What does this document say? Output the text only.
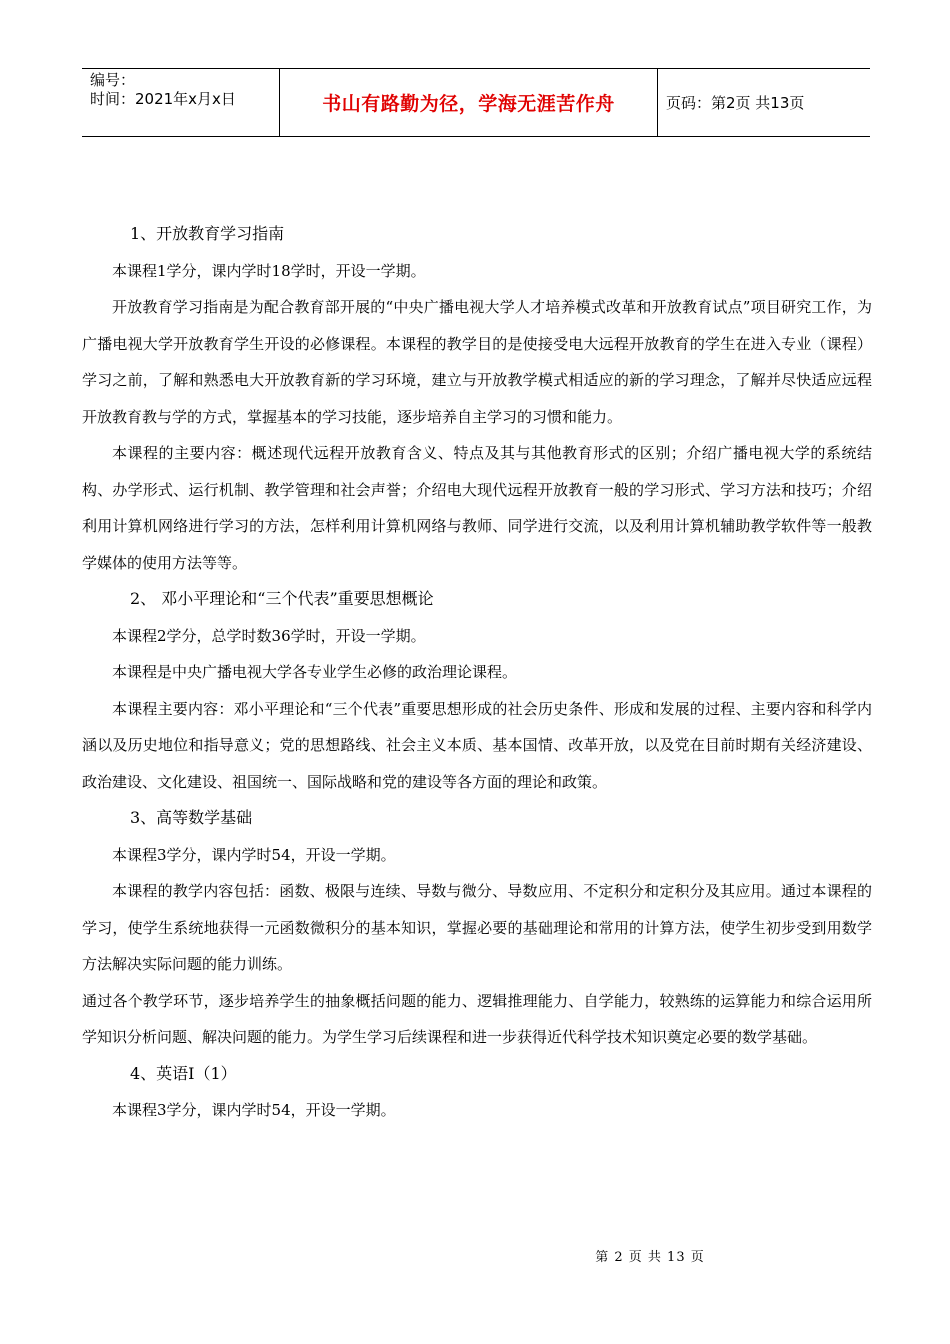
编号：
时间：2021年x月x日	书山有路勤为径，学海无涯苦作舟	页码：第2页 共13页

1、开放教育学习指南

本课程1学分，课内学时18学时，开设一学期。

开放教育学习指南是为配合教育部开展的“中央广播电视大学人才培养模式改革和开放教育试点”项目研究工作，为广播电视大学开放教育学生开设的必修课程。本课程的教学目的是使接受电大远程开放教育的学生在进入专业（课程）学习之前，了解和熟悉电大开放教育新的学习环境，建立与开放教学模式相适应的新的学习理念，了解并尽快适应远程开放教育教与学的方式，掌握基本的学习技能，逐步培养自主学习的习惯和能力。

本课程的主要内容：概述现代远程开放教育含义、特点及其与其他教育形式的区别；介绍广播电视大学的系统结构、办学形式、运行机制、教学管理和社会声誉；介绍电大现代远程开放教育一般的学习形式、学习方法和技巧；介绍利用计算机网络进行学习的方法，怎样利用计算机网络与教师、同学进行交流，以及利用计算机辅助教学软件等一般教学媒体的使用方法等等。

2、 邓小平理论和“三个代表”重要思想概论

本课程2学分，总学时数36学时，开设一学期。

本课程是中央广播电视大学各专业学生必修的政治理论课程。

本课程主要内容：邓小平理论和“三个代表”重要思想形成的社会历史条件、形成和发展的过程、主要内容和科学内涵以及历史地位和指导意义；党的思想路线、社会主义本质、基本国情、改革开放，以及党在目前时期有关经济建设、政治建设、文化建设、祖国统一、国际战略和党的建设等各方面的理论和政策。

3、高等数学基础

本课程3学分，课内学时54，开设一学期。

本课程的教学内容包括：函数、极限与连续、导数与微分、导数应用、不定积分和定积分及其应用。通过本课程的学习，使学生系统地获得一元函数微积分的基本知识，掌握必要的基础理论和常用的计算方法，使学生初步受到用数学方法解决实际问题的能力训练。

通过各个教学环节，逐步培养学生的抽象概括问题的能力、逻辑推理能力、自学能力，较熟练的运算能力和综合运用所学知识分析问题、解决问题的能力。为学生学习后续课程和进一步获得近代科学技术知识奠定必要的数学基础。

4、英语Ⅰ（1）

本课程3学分，课内学时54，开设一学期。

第 2 页 共 13 页
